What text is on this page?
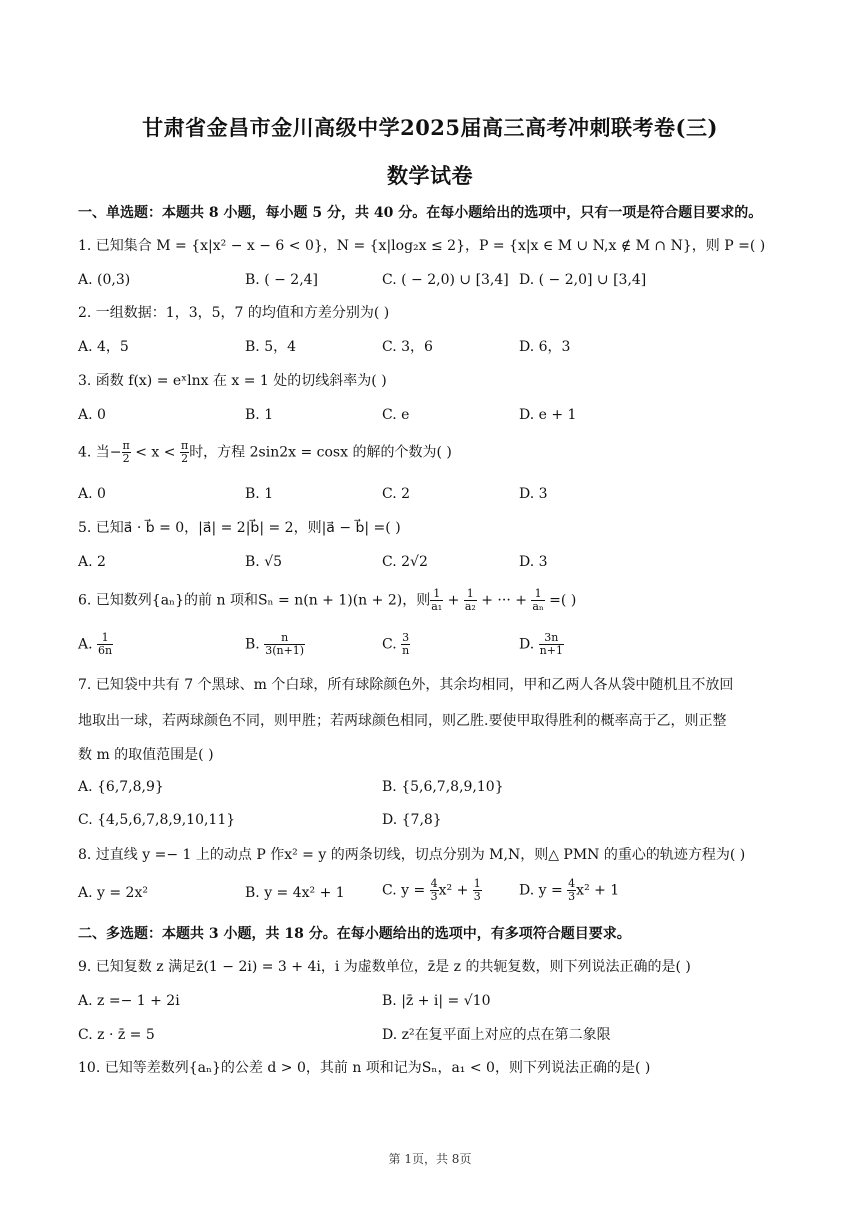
甘肃省金昌市金川高级中学2025届高三高考冲刺联考卷(三)
数学试卷
一、单选题：本题共 8 小题，每小题 5 分，共 40 分。在每小题给出的选项中，只有一项是符合题目要求的。
1. 已知集合 M = {x|x² − x − 6 < 0}，N = {x|log₂x ≤ 2}，P = {x|x ∈ M ∪ N,x ∉ M ∩ N}，则 P =( )
A. (0,3)	B. ( − 2,4]	C. ( − 2,0) ∪ [3,4] D. ( − 2,0] ∪ [3,4]
2. 一组数据：1，3，5，7 的均值和方差分别为( )
A. 4，5	B. 5，4	C. 3，6	D. 6，3
3. 函数 f(x) = eˣlnx 在 x = 1 处的切线斜率为( )
A. 0	B. 1	C. e	D. e + 1
4. 当− $\frac{\pi}{2} < x < \frac{\pi}{2}$ 时，方程 2sin2x = cosx 的解的个数为( )
A. 0	B. 1	C. 2	D. 3
5. 已知a⃗ · b⃗ = 0，|a⃗| = 2|b⃗| = 2，则|a⃗ − b⃗| =( )
A. 2	B. √5	C. 2√2	D. 3
6. 已知数列{aₙ}的前 n 项和Sₙ = n(n + 1)(n + 2)，则 $\frac{1}{\text{a₁}} + \frac{1}{\text{a₂}}$ + ··· + $\frac{1}{\text{aₙ}}$ =( )
A. $\frac{1}{6n}$	B. $\frac{n}{3(n+1)}$	C. $\frac{3}{n}$	D. $\frac{3n}{n+1}$
7. 已知袋中共有 7 个黑球、m 个白球，所有球除颜色外，其余均相同，甲和乙两人各从袋中随机且不放回
地取出一球，若两球颜色不同，则甲胜；若两球颜色相同，则乙胜.要使甲取得胜利的概率高于乙，则正整
数 m 的取值范围是( )
A. {6,7,8,9}	B. {5,6,7,8,9,10}
C. {4,5,6,7,8,9,10,11}	D. {7,8}
8. 过直线 y =− 1 上的动点 P 作x² = y 的两条切线，切点分别为 M,N，则△ PMN 的重心的轨迹方程为( )
A. y = 2x²	B. y = 4x² + 1	C. $y = \frac{4}{3} x^2 + \frac{1}{3}$	D. $y = \frac{4}{3} x^2 + 1$
二、多选题：本题共 3 小题，共 18 分。在每小题给出的选项中，有多项符合题目要求。
9. 已知复数 z 满足z̄(1 − 2i) = 3 + 4i，i 为虚数单位，z̄是 z 的共轭复数，则下列说法正确的是( )
A. z =− 1 + 2i	B. |z̄ + i| = √10
C. z · z̄ = 5	D. z²在复平面上对应的点在第二象限
10. 已知等差数列{aₙ}的公差 d > 0，其前 n 项和记为Sₙ，a₁ < 0，则下列说法正确的是( )
第 1页，共 8页
